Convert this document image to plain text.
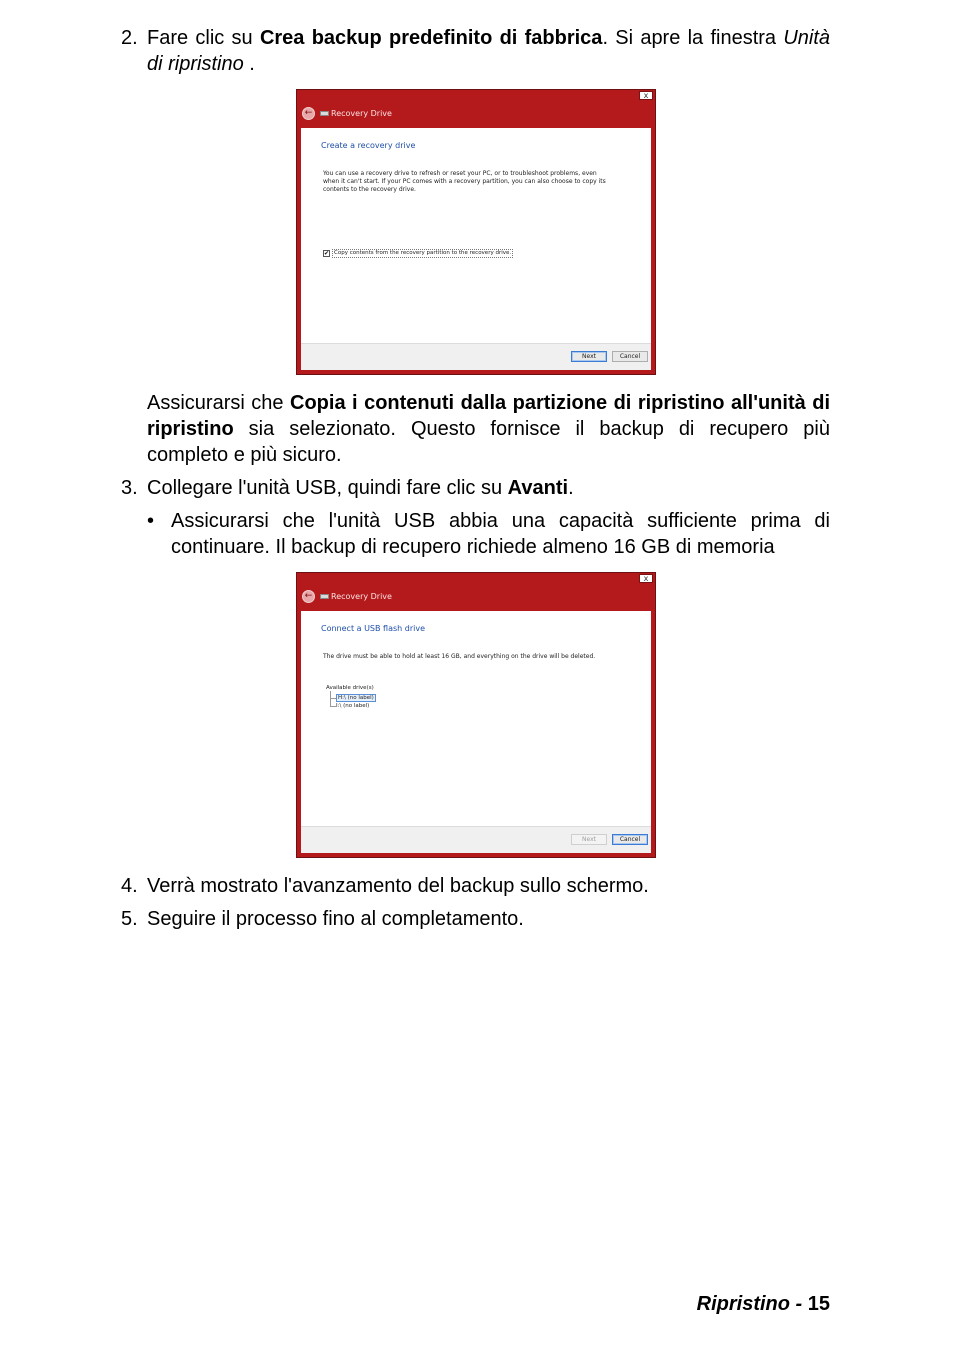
2. Fare clic su Crea backup predefinito di fabbrica. Si apre la finestra Unità di ripristino .

x
←	Recovery Drive
Create a recovery drive
You can use a recovery drive to refresh or reset your PC, or to troubleshoot problems, even when it can't start. If your PC comes with a recovery partition, you can also choose to copy its contents to the recovery drive.
✔ Copy contents from the recovery partition to the recovery drive.
Next	Cancel

Assicurarsi che Copia i contenuti dalla partizione di ripristino all'unità di ripristino sia selezionato. Questo fornisce il backup di recupero più completo e più sicuro.

3. Collegare l'unità USB, quindi fare clic su Avanti.

• Assicurarsi che l'unità USB abbia una capacità sufficiente prima di continuare. Il backup di recupero richiede almeno 16 GB di memoria

x
←	Recovery Drive
Connect a USB flash drive
The drive must be able to hold at least 16 GB, and everything on the drive will be deleted.
Available drive(s)
H:\ (no label)
I:\ (no label)
Next	Cancel
4. Verrà mostrato l'avanzamento del backup sullo schermo.

5. Seguire il processo fino al completamento.

Ripristino - 15
